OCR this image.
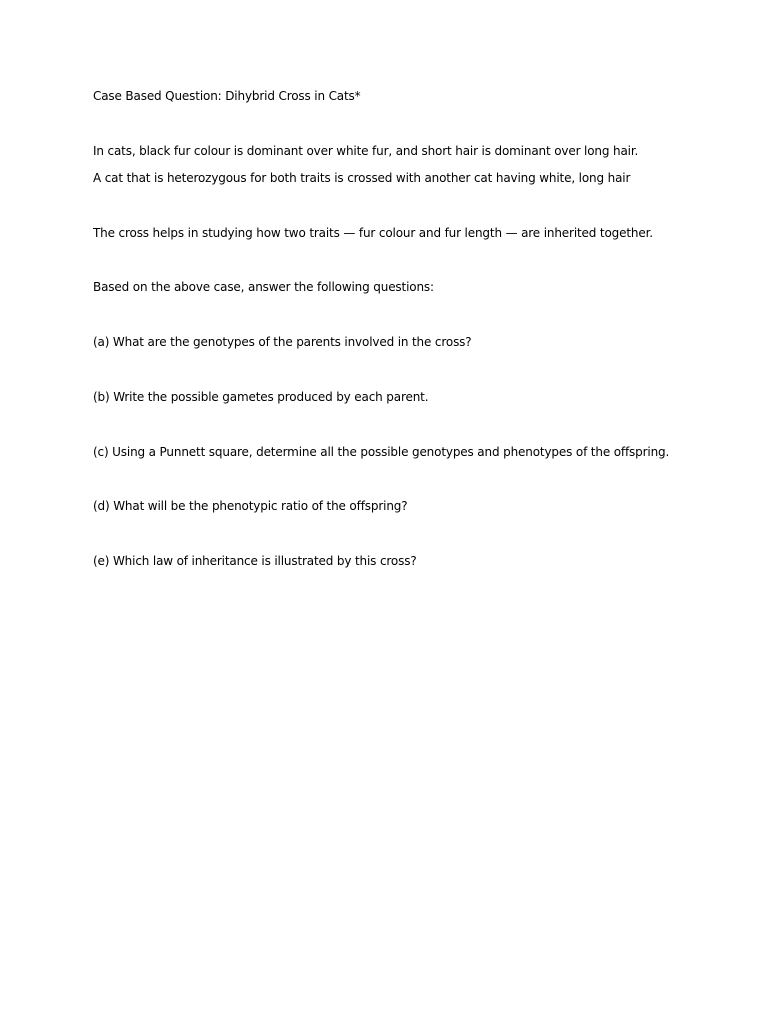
Case Based Question: Dihybrid Cross in Cats*
In cats, black fur colour is dominant over white fur, and short hair is dominant over long hair.
A cat that is heterozygous for both traits is crossed with another cat having white, long hair
The cross helps in studying how two traits — fur colour and fur length — are inherited together.
Based on the above case, answer the following questions:
(a) What are the genotypes of the parents involved in the cross?
(b) Write the possible gametes produced by each parent.
(c) Using a Punnett square, determine all the possible genotypes and phenotypes of the offspring.
(d) What will be the phenotypic ratio of the offspring?
(e) Which law of inheritance is illustrated by this cross?
